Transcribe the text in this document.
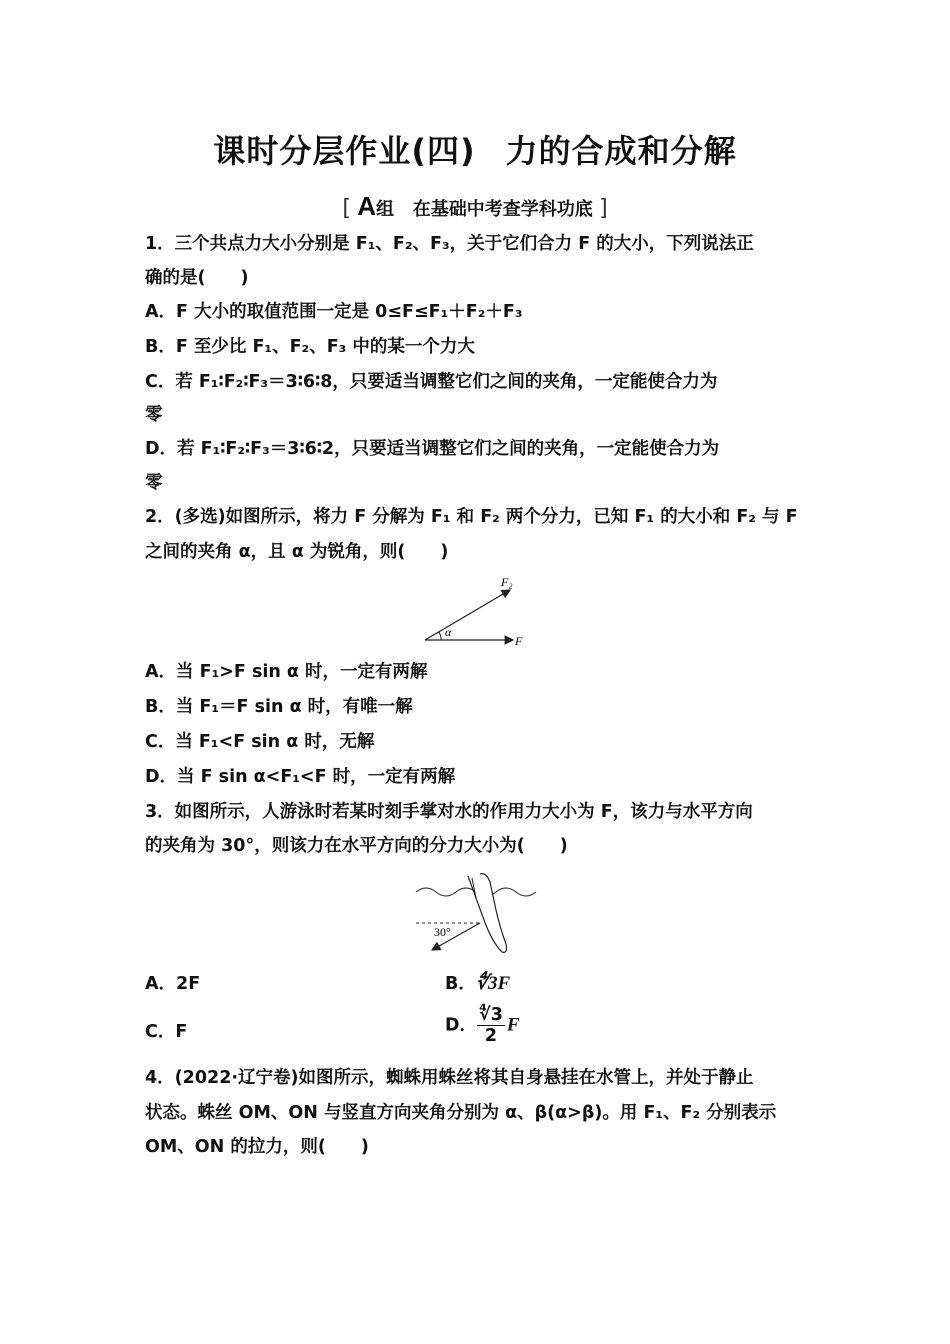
课时分层作业(四) 力的合成和分解
[ A组 在基础中考查学科功底 ]
1．三个共点力大小分别是 F₁、F₂、F₃，关于它们合力 F 的大小，下列说法正
确的是(　　)
A．F 大小的取值范围一定是 0≤F≤F₁＋F₂＋F₃
B．F 至少比 F₁、F₂、F₃ 中的某一个力大
C．若 F₁∶F₂∶F₃＝3∶6∶8，只要适当调整它们之间的夹角，一定能使合力为
零
D．若 F₁∶F₂∶F₃＝3∶6∶2，只要适当调整它们之间的夹角，一定能使合力为
零
2．(多选)如图所示，将力 F 分解为 F₁ 和 F₂ 两个分力，已知 F₁ 的大小和 F₂ 与 F
之间的夹角 α，且 α 为锐角，则(　　)
F₂
α
F
A．当 F₁>F sin α 时，一定有两解
B．当 F₁＝F sin α 时，有唯一解
C．当 F₁<F sin α 时，无解
D．当 F sin α<F₁<F 时，一定有两解
3．如图所示，人游泳时若某时刻手掌对水的作用力大小为 F，该力与水平方向
的夹角为 30°，则该力在水平方向的分力大小为(　　)
30°
A．2F	B．∜3F
C．F	D． $\frac{∜3}{2}$ F
4．(2022·辽宁卷)如图所示，蜘蛛用蛛丝将其自身悬挂在水管上，并处于静止
状态。蛛丝 OM、ON 与竖直方向夹角分别为 α、β(α>β)。用 F₁、F₂ 分别表示
OM、ON 的拉力，则(　　)
